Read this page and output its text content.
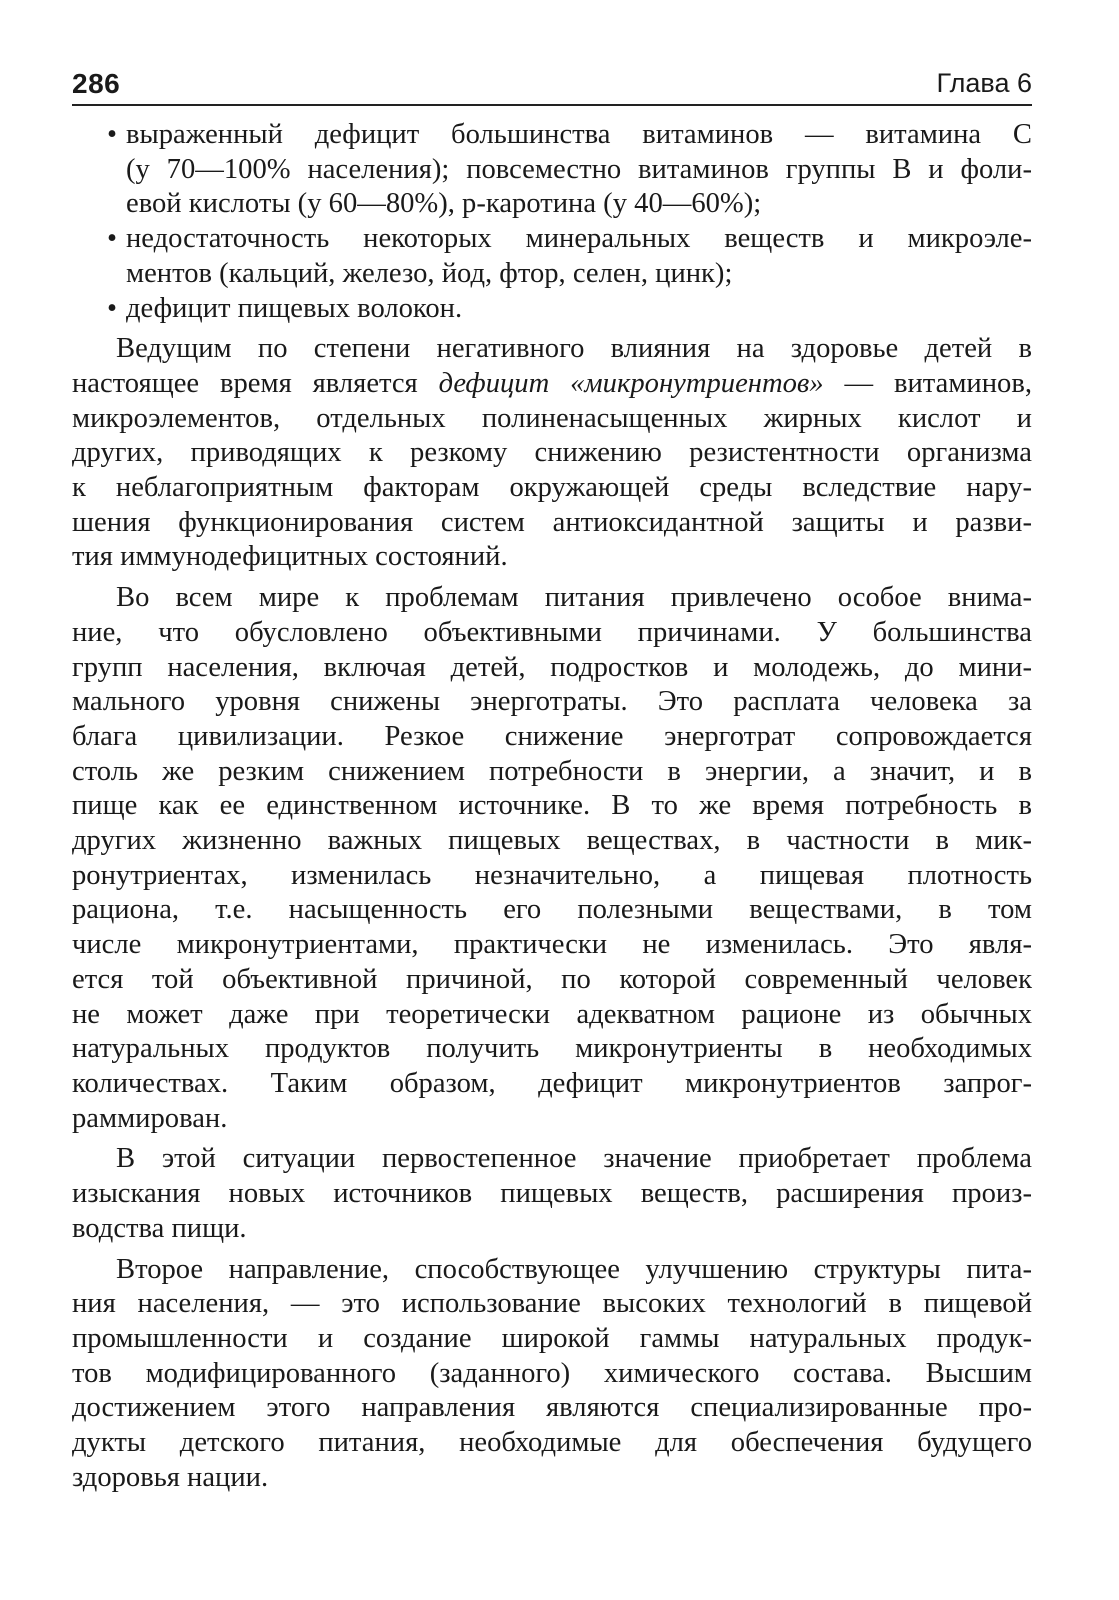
286	Глава 6
• выраженный дефицит большинства витаминов — витамина С
(у 70—100% населения); повсеместно витаминов группы В и фоли-
евой кислоты (у 60—80%), р-каротина (у 40—60%);
• недостаточность некоторых минеральных веществ и микроэле-
ментов (кальций, железо, йод, фтор, селен, цинк);
• дефицит пищевых волокон.
Ведущим по степени негативного влияния на здоровье детей в
настоящее время является дефицит «микронутриентов» — витаминов,
микроэлементов, отдельных полиненасыщенных жирных кислот и
других, приводящих к резкому снижению резистентности организма
к неблагоприятным факторам окружающей среды вследствие нару-
шения функционирования систем антиоксидантной защиты и разви-
тия иммунодефицитных состояний.
Во всем мире к проблемам питания привлечено особое внима-
ние, что обусловлено объективными причинами. У большинства
групп населения, включая детей, подростков и молодежь, до мини-
мального уровня снижены энерготраты. Это расплата человека за
блага цивилизации. Резкое снижение энерготрат сопровождается
столь же резким снижением потребности в энергии, а значит, и в
пище как ее единственном источнике. В то же время потребность в
других жизненно важных пищевых веществах, в частности в мик-
ронутриентах, изменилась незначительно, а пищевая плотность
рациона, т.е. насыщенность его полезными веществами, в том
числе микронутриентами, практически не изменилась. Это явля-
ется той объективной причиной, по которой современный человек
не может даже при теоретически адекватном рационе из обычных
натуральных продуктов получить микронутриенты в необходимых
количествах. Таким образом, дефицит микронутриентов запрог-
раммирован.
В этой ситуации первостепенное значение приобретает проблема
изыскания новых источников пищевых веществ, расширения произ-
водства пищи.
Второе направление, способствующее улучшению структуры пита-
ния населения, — это использование высоких технологий в пищевой
промышленности и создание широкой гаммы натуральных продук-
тов модифицированного (заданного) химического состава. Высшим
достижением этого направления являются специализированные про-
дукты детского питания, необходимые для обеспечения будущего
здоровья нации.
